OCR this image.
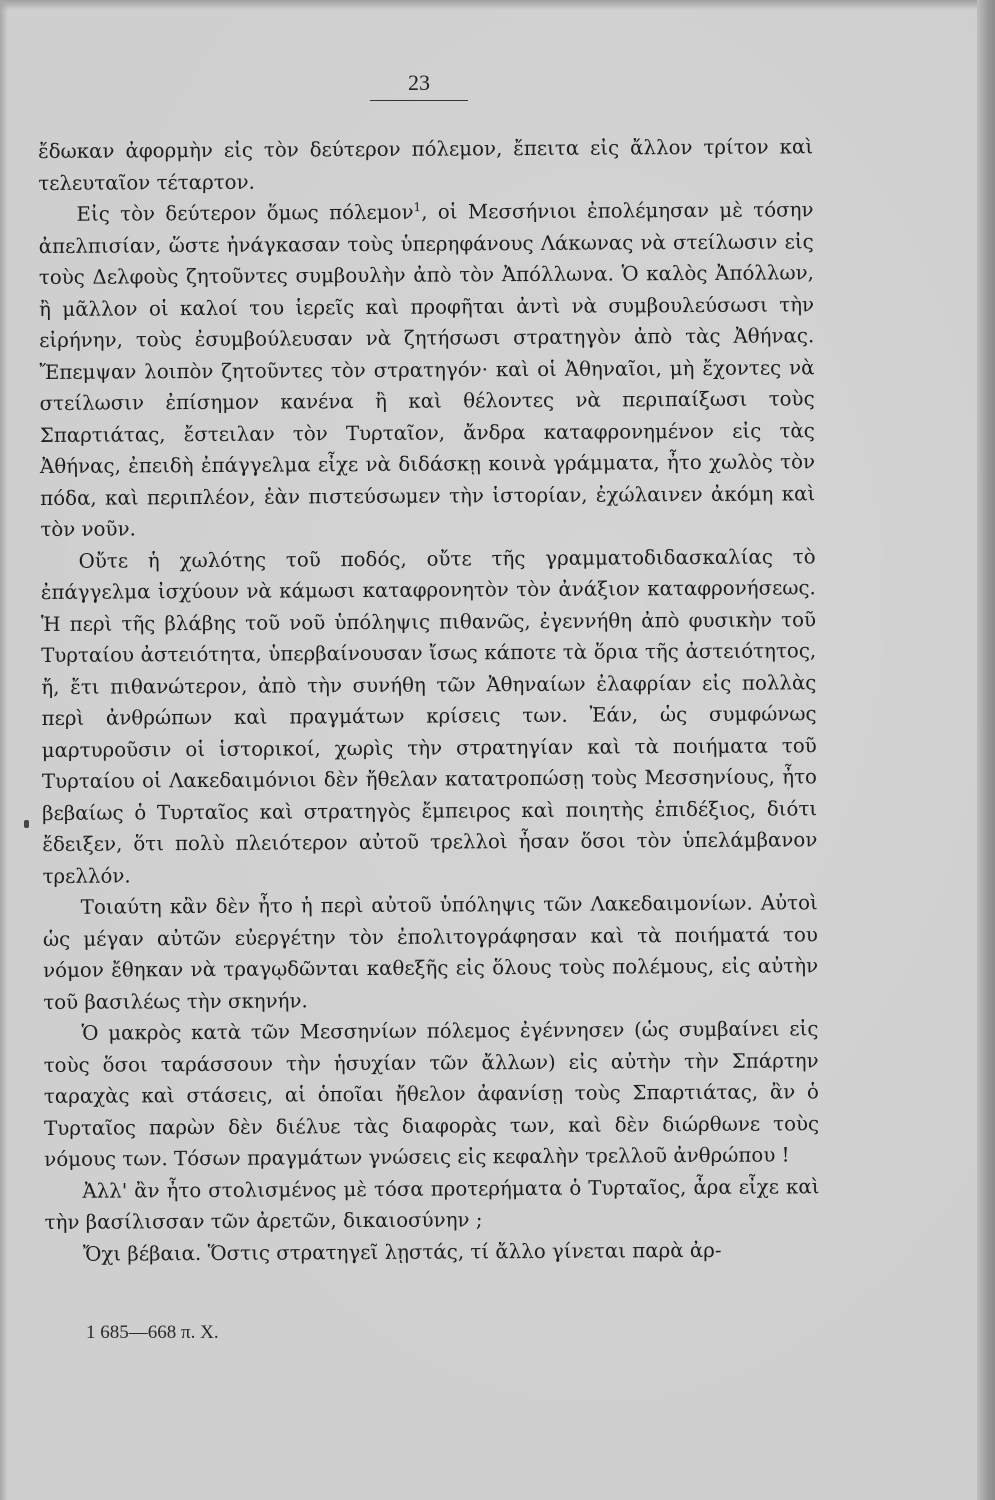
23

ἔδωκαν ἀφορμὴν εἰς τὸν δεύτερον πόλεμον, ἔπειτα εἰς ἄλλον τρίτον καὶ τελευταῖον τέταρτον.

Εἰς τὸν δεύτερον ὅμως πόλεμον$^1$, οἱ Μεσσήνιοι ἐπολέμησαν μὲ τόσην ἀπελπισίαν, ὥστε ἠνάγκασαν τοὺς ὑπερηφάνους Λάκωνας νὰ στείλωσιν εἰς τοὺς Δελφοὺς ζητοῦντες συμβουλὴν ἀπὸ τὸν Ἀπόλλωνα. Ὁ καλὸς Ἀπόλλων, ἢ μᾶλλον οἱ καλοί του ἱερεῖς καὶ προφῆται ἀντὶ νὰ συμβουλεύσωσι τὴν εἰρήνην, τοὺς ἐσυμβούλευσαν νὰ ζητήσωσι στρατηγὸν ἀπὸ τὰς Ἀθήνας. Ἔπεμψαν λοιπὸν ζητοῦντες τὸν στρατηγόν· καὶ οἱ Ἀθηναῖοι, μὴ ἔχοντες νὰ στείλωσιν ἐπίσημον κανένα ἢ καὶ θέλοντες νὰ περιπαίξωσι τοὺς Σπαρτιάτας, ἔστειλαν τὸν Τυρταῖον, ἄνδρα καταφρονημένον εἰς τὰς Ἀθήνας, ἐπειδὴ ἐπάγγελμα εἶχε νὰ διδάσκῃ κοινὰ γράμματα, ἦτο χωλὸς τὸν πόδα, καὶ περιπλέον, ἐὰν πιστεύσωμεν τὴν ἱστορίαν, ἐχώλαινεν ἀκόμη καὶ τὸν νοῦν.

Οὔτε ἡ χωλότης τοῦ ποδός, οὔτε τῆς γραμματοδιδασκαλίας τὸ ἐπάγγελμα ἰσχύουν νὰ κάμωσι καταφρονητὸν τὸν ἀνάξιον καταφρονήσεως. Ἡ περὶ τῆς βλάβης τοῦ νοῦ ὑπόληψις πιθανῶς, ἐγεννήθη ἀπὸ φυσικὴν τοῦ Τυρταίου ἀστειότητα, ὑπερβαίνουσαν ἴσως κάποτε τὰ ὅρια τῆς ἀστειότητος, ἤ, ἔτι πιθανώτερον, ἀπὸ τὴν συνήθη τῶν Ἀθηναίων ἐλαφρίαν εἰς πολλὰς περὶ ἀνθρώπων καὶ πραγμάτων κρίσεις των. Ἐάν, ὡς συμφώνως μαρτυροῦσιν οἱ ἱστορικοί, χωρὶς τὴν στρατηγίαν καὶ τὰ ποιήματα τοῦ Τυρταίου οἱ Λακεδαιμόνιοι δὲν ἤθελαν κατατροπώσῃ τοὺς Μεσσηνίους, ἦτο βεβαίως ὁ Τυρταῖος καὶ στρατηγὸς ἔμπειρος καὶ ποιητὴς ἐπιδέξιος, διότι ἔδειξεν, ὅτι πολὺ πλειότερον αὐτοῦ τρελλοὶ ἦσαν ὅσοι τὸν ὑπελάμβανον τρελλόν.

Τοιαύτη κἂν δὲν ἦτο ἡ περὶ αὐτοῦ ὑπόληψις τῶν Λακεδαιμονίων. Αὐτοὶ ὡς μέγαν αὐτῶν εὐεργέτην τὸν ἐπολιτογράφησαν καὶ τὰ ποιήματά του νόμον ἔθηκαν νὰ τραγῳδῶνται καθεξῆς εἰς ὅλους τοὺς πολέμους, εἰς αὐτὴν τοῦ βασιλέως τὴν σκηνήν.

Ὁ μακρὸς κατὰ τῶν Μεσσηνίων πόλεμος ἐγέννησεν (ὡς συμβαίνει εἰς τοὺς ὅσοι ταράσσουν τὴν ἡσυχίαν τῶν ἄλλων) εἰς αὐτὴν τὴν Σπάρτην ταραχὰς καὶ στάσεις, αἱ ὁποῖαι ἤθελον ἀφανίσῃ τοὺς Σπαρτιάτας, ἂν ὁ Τυρταῖος παρὼν δὲν διέλυε τὰς διαφορὰς των, καὶ δὲν διώρθωνε τοὺς νόμους των. Τόσων πραγμάτων γνώσεις εἰς κεφαλὴν τρελλοῦ ἀνθρώπου !

Ἀλλ' ἂν ἦτο στολισμένος μὲ τόσα προτερήματα ὁ Τυρταῖος, ἆρα εἶχε καὶ τὴν βασίλισσαν τῶν ἀρετῶν, δικαιοσύνην ;

Ὄχι βέβαια. Ὅστις στρατηγεῖ λῃστάς, τί ἄλλο γίνεται παρὰ ἀρ-

1 685—668 π. Χ.
